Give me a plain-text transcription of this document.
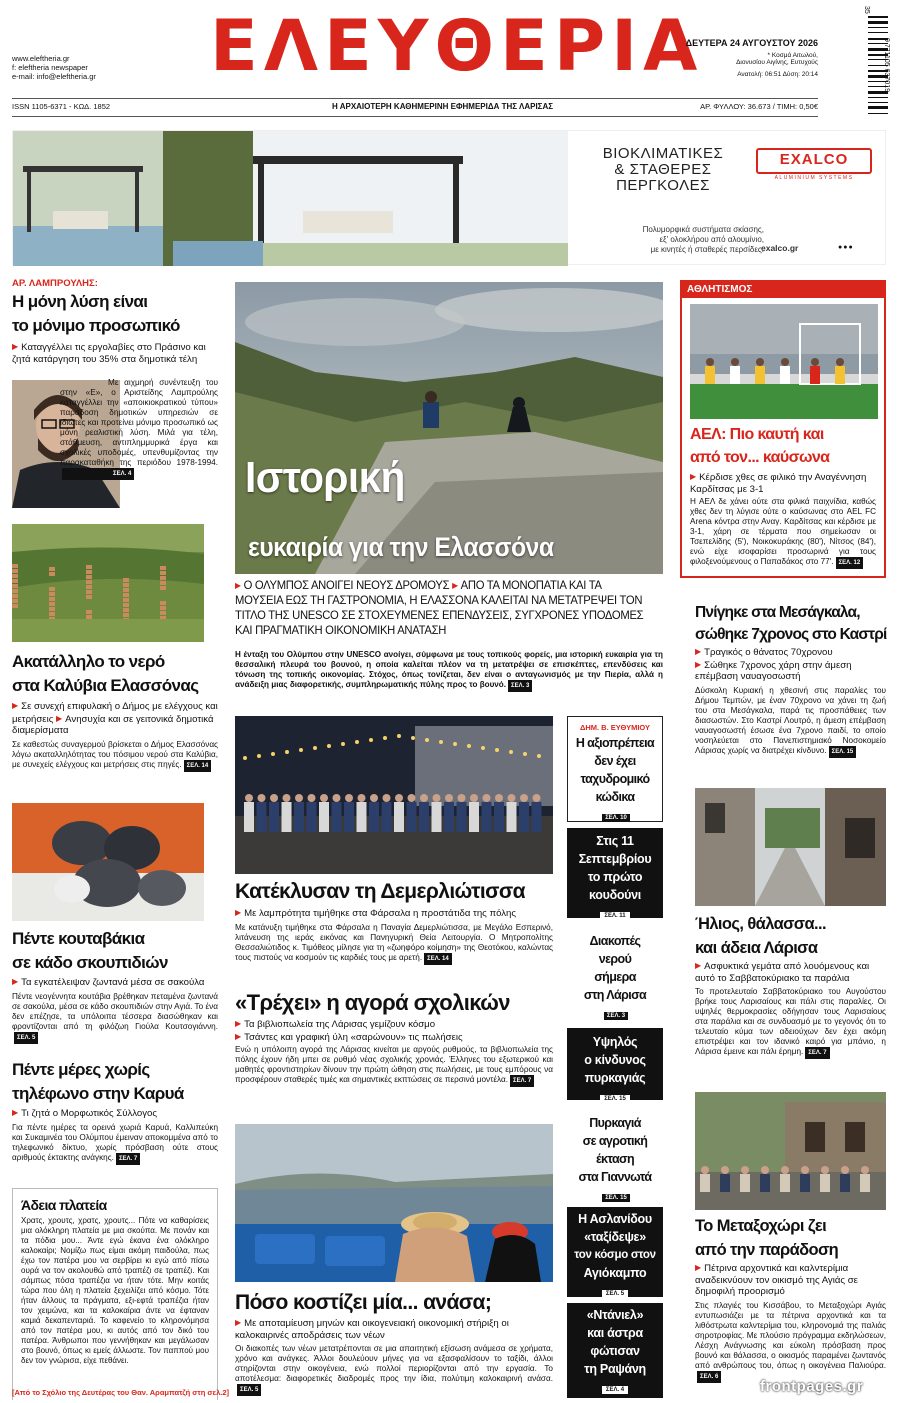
www.eleftheria.gr
f: eleftheria newspaper
e-mail: info@eleftheria.gr	ΕΛΕΥΘΕΡΙΑ
ΔΕΥΤΕΡΑ 24 ΑΥΓΟΥΣΤΟΥ 2026
* Κοσμά Αιτωλού,
Διονυσίου Αιγίνης, Ευτυχούς
Ανατολή: 06:51 Δύση: 20:14
35
9 771105 637019
ISSN 1105-6371 - ΚΩΔ. 1852	Η ΑΡΧΑΙΟΤΕΡΗ ΚΑΘΗΜΕΡΙΝΗ ΕΦΗΜΕΡΙΔΑ ΤΗΣ ΛΑΡΙΣΑΣ	ΑΡ. ΦΥΛΛΟΥ: 36.673 / ΤΙΜΗ: 0,50€
ΒΙΟΚΛΙΜΑΤΙΚΕΣ
& ΣΤΑΘΕΡΕΣ
ΠΕΡΓΚΟΛΕΣ
EXALCO
ALUMINIUM SYSTEMS
Πολυμορφικά συστήματα σκίασης,
εξ' ολοκλήρου από αλουμίνιο,
με κινητές ή σταθερές περσίδες.
exalco.gr	●●●
ΑΡ. ΛΑΜΠΡΟΥΛΗΣ:
Η μόνη λύση είναι
το μόνιμο προσωπικό
▶ Καταγγέλλει τις εργολαβίες στο Πράσινο και ζητά κατάργηση του 35% στα δημοτικά τέλη
Με αιχμηρή συνέντευξη του στην «Ε», ο Αριστείδης Λαμπρούλης καταγγέλλει την «αποικιοκρατικού τύπου» παράδοση δημοτικών υπηρεσιών σε ιδιώτες και προτείνει μόνιμο προσωπικό ως μόνη ρεαλιστική λύση. Μιλά για τέλη, στάθμευση, αντιπλημμυρικά έργα και σχολικές υποδομές, υπενθυμίζοντας την παρακαταθήκη της περιόδου 1978-1994.ΣΕΛ. 4
Ακατάλληλο το νερό
στα Καλύβια Ελασσόνας
▶ Σε συνεχή επιφυλακή ο Δήμος με ελέγχους και μετρήσεις ▶ Ανησυχία και σε γειτονικά δημοτικά διαμερίσματα
Σε καθεστώς συναγερμού βρίσκεται ο Δήμος Ελασσόνας λόγω ακαταλληλότητας του πόσιμου νερού στα Καλύβια, με συνεχείς ελέγχους και μετρήσεις στις πηγές. ΣΕΛ. 14
Πέντε κουταβάκια
σε κάδο σκουπιδιών
▶ Τα εγκατέλειψαν ζωντανά μέσα σε σακούλα
Πέντε νεογέννητα κουτάβια βρέθηκαν πεταμένα ζωντανά σε σακούλα, μέσα σε κάδο σκουπιδιών στην Αγιά. Το ένα δεν επέζησε, τα υπόλοιπα τέσσερα διασώθηκαν και φροντίζονται από τη φιλόζωη Γιούλα Κουτσογιάννη.ΣΕΛ. 5
Πέντε μέρες χωρίς
τηλέφωνο στην Καρυά
▶ Τι ζητά ο Μορφωτικός Σύλλογος
Για πέντε ημέρες τα ορεινά χωριά Καρυά, Καλλιπεύκη και Συκαμινέα του Ολύμπου έμειναν αποκομμένα από το τηλεφωνικό δίκτυο, χωρίς πρόσβαση ούτε στους αριθμούς έκτακτης ανάγκης. ΣΕΛ. 7
Άδεια πλατεία
Χρατς, χρουτς, χρατς, χρουτς... Πότε να καθαρίσεις μια ολόκληρη πλατεία με μια σκούπα. Με πονάν και τα πόδια μου... Άντε εγώ έκανα ένα ολόκληρο καλοκαίρι; Νομίζω πως είμαι ακόμη παιδούλα, πως έχω τον πατέρα μου να σερβίρει κι εγώ από πίσω ουρά να τον ακολουθώ από τραπέζι σε τραπέζι. Και σάμπως πόσα τραπέζια να ήταν τότε. Μην κοιτάς τώρα που όλη η πλατεία ξεχειλίζει από κόσμο. Τότε ήταν άλλους τα πράγματα, εξι-εφτά τραπέζια ήταν τον χειμώνα, και τα καλοκαίρια άντε να έφταναν καμιά δεκαπενταριά. Το καφενείο το κληρονόμησα από τον πατέρα μου, κι αυτός από τον δικό του πατέρα. Άνθρωποι που γεννήθηκαν και μεγάλωσαν στο βουνό, όπως κι εμείς άλλωστε. Τον παππού μου δεν τον γνώρισα, είχε πεθάνει.
[Από το Σχόλιο της Δευτέρας του Θαν. Αραμπατζή στη σελ.2]
Ιστορική
ευκαιρία για την Ελασσόνα
▶ Ο ΟΛΥΜΠΟΣ ΑΝΟΙΓΕΙ ΝΕΟΥΣ ΔΡΟΜΟΥΣ ▶ ΑΠΟ ΤΑ ΜΟΝΟΠΑΤΙΑ ΚΑΙ ΤΑ ΜΟΥΣΕΙΑ ΕΩΣ ΤΗ ΓΑΣΤΡΟΝΟΜΙΑ, Η ΕΛΑΣΣΟΝΑ ΚΑΛΕΙΤΑΙ ΝΑ ΜΕΤΑΤΡΕΨΕΙ ΤΟΝ ΤΙΤΛΟ ΤΗΣ UNESCO ΣΕ ΣΤΟΧΕΥΜΕΝΕΣ ΕΠΕΝΔΥΣΕΙΣ, ΣΥΓΧΡΟΝΕΣ ΥΠΟΔΟΜΕΣ ΚΑΙ ΠΡΑΓΜΑΤΙΚΗ ΟΙΚΟΝΟΜΙΚΗ ΑΝΑΤΑΣΗ
Η ένταξη του Ολύμπου στην UNESCO ανοίγει, σύμφωνα με τους τοπικούς φορείς, μια ιστορική ευκαιρία για τη θεσσαλική πλευρά του βουνού, η οποία καλείται πλέον να τη μετατρέψει σε επισκέπτες, επενδύσεις και τόνωση της τοπικής οικονομίας. Στόχος, όπως τονίζεται, δεν είναι ο ανταγωνισμός με την Πιερία, αλλά η ανάδειξη μιας διαφορετικής, συμπληρωματικής πύλης προς το βουνό. ΣΕΛ. 3
Κατέκλυσαν τη Δεμερλιώτισσα
▶ Με λαμπρότητα τιμήθηκε στα Φάρσαλα η προστάτιδα της πόλης
Με κατάνυξη τιμήθηκε στα Φάρσαλα η Παναγία Δεμερλιώτισσα, με Μεγάλο Εσπερινό, λιτάνευση της ιεράς εικόνας και Πανηγυρική Θεία Λειτουργία. Ο Μητροπολίτης Θεσσαλιώτιδος κ. Τιμόθεος μίλησε για τη «ζωηφόρο κοίμηση» της Θεοτόκου, καλώντας τους πιστούς να κοσμούν τις καρδιές τους με αρετή. ΣΕΛ. 14
«Τρέχει» η αγορά σχολικών
▶ Τα βιβλιοπωλεία της Λάρισας γεμίζουν κόσμο
▶ Τσάντες και γραφική ύλη «σαρώνουν» τις πωλήσεις
Ενώ η υπόλοιπη αγορά της Λάρισας κινείται με αργούς ρυθμούς, τα βιβλιοπωλεία της πόλης έχουν ήδη μπει σε ρυθμό νέας σχολικής χρονιάς. Έλληνες του εξωτερικού και μαθητές φροντιστηρίων δίνουν την πρώτη ώθηση στις πωλήσεις, με τους εμπόρους να προσφέρουν σταθερές τιμές και σημαντικές εκπτώσεις σε περσινά μοντέλα. ΣΕΛ. 7
Πόσο κοστίζει μία... ανάσα;
▶ Με αποταμίευση μηνών και οικογενειακή οικονομική στήριξη οι καλοκαιρινές αποδράσεις των νέων
Οι διακοπές των νέων μετατρέπονται σε μια απαιτητική εξίσωση ανάμεσα σε χρήματα, χρόνο και ανάγκες. Άλλοι δουλεύουν μήνες για να εξασφαλίσουν το ταξίδι, άλλοι στηρίζονται στην οικογένεια, ενώ πολλοί περιορίζονται από την εργασία. Το αποτέλεσμα: διαφορετικές διαδρομές προς την ίδια, πολύτιμη καλοκαιρινή ανάσα.ΣΕΛ. 5
ΔΗΜ. Β. ΕΥΘΥΜΙΟΥ
Η αξιοπρέπεια
δεν έχει
ταχυδρομικό
κώδικα
ΣΕΛ. 10
Στις 11
Σεπτεμβρίου
το πρώτο
κουδούνι
ΣΕΛ. 11
Διακοπές
νερού
σήμερα
στη Λάρισα
ΣΕΛ. 3
Υψηλός
ο κίνδυνος
πυρκαγιάς
ΣΕΛ. 15
Πυρκαγιά
σε αγροτική
έκταση
στα Γιαννωτά
ΣΕΛ. 15
Η Ασλανίδου
«ταξίδεψε»
τον κόσμο στον
Αγιόκαμπο
ΣΕΛ. 5
«Ντάνιελ»
και άστρα
φώτισαν
τη Ραψάνη
ΣΕΛ. 4
ΑΘΛΗΤΙΣΜΟΣ
ΑΕΛ: Πιο καυτή και
από τον... καύσωνα
▶ Κέρδισε χθες σε φιλικό την Αναγέννηση Καρδίτσας με 3-1
Η ΑΕΛ δε χάνει ούτε στα φιλικά παιχνίδια, καθώς χθες δεν τη λύγισε ούτε ο καύσωνας στο AEL FC Arena κόντρα στην Αναγ. Καρδίτσας και κέρδισε με 3-1, χάρη σε τέρματα που σημείωσαν οι Τσεπελίδης (5'), Νοικοκυράκης (80'), Νίτσος (84'), ενώ είχε ισοφαρίσει προσωρινά για τους φιλοξενούμενους ο Παπαδάκος στο 77'. ΣΕΛ. 12
Πνίγηκε στα Μεσάγκαλα,
σώθηκε 7χρονος στο Καστρί
▶ Τραγικός ο θάνατος 70χρονου
▶ Σώθηκε 7χρονος χάρη στην άμεση επέμβαση ναυαγοσωστή
Δύσκολη Κυριακή η χθεσινή στις παραλίες του Δήμου Τεμπών, με έναν 70χρονο να χάνει τη ζωή του στα Μεσάγκαλα, παρά τις προσπάθειες των διασωστών. Στο Καστρί Λουτρό, η άμεση επέμβαση ναυαγοσωστή έσωσε ένα 7χρονο παιδί, το οποίο νοσηλεύεται στο Πανεπιστημιακό Νοσοκομείο Λάρισας χωρίς να διατρέχει κίνδυνο. ΣΕΛ. 15
Ήλιος, θάλασσα...
και άδεια Λάρισα
▶ Ασφυκτικά γεμάτα από λουόμενους και αυτό το Σαββατοκύριακο τα παράλια
Το προτελευταίο Σαββατοκύριακο του Αυγούστου βρήκε τους Λαρισαίους και πάλι στις παραλίες. Οι υψηλές θερμοκρασίες οδήγησαν τους Λαρισαίους στα παράλια και σε συνδυασμό με το γεγονός ότι το τελευταίο κύμα των αδειούχων δεν έχει ακόμη επιστρέψει και τον ιδανικό καιρό για μπάνιο, η Λάρισα έμεινε και πάλι έρημη. ΣΕΛ. 7
Το Μεταξοχώρι ζει
από την παράδοση
▶ Πέτρινα αρχοντικά και καλντερίμια αναδεικνύουν τον οικισμό της Αγιάς σε δημοφιλή προορισμό
Στις πλαγιές του Κισσάβου, το Μεταξοχώρι Αγιάς εντυπωσιάζει με τα πέτρινα αρχοντικά και τα λιθόστρωτα καλντερίμια του, κληρονομιά της παλιάς σηροτροφίας. Με πλούσιο πρόγραμμα εκδηλώσεων, Λέσχη Ανάγνωσης και εύκολη πρόσβαση προς βουνό και θάλασσα, ο οικισμός παραμένει ζωντανός από ανθρώπους του, όπως η οικογένεια Παλιούρα.ΣΕΛ. 6
frontpages.gr
